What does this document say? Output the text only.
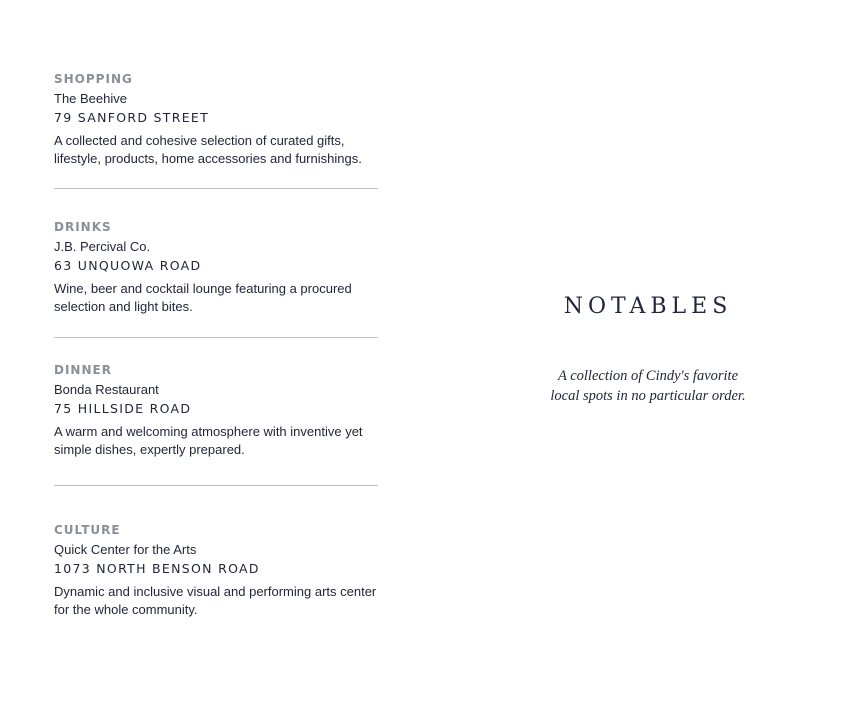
SHOPPING
The Beehive
79 SANFORD STREET
A collected and cohesive selection of curated gifts, lifestyle, products, home accessories and furnishings.
DRINKS
J.B. Percival Co.
63 UNQUOWA ROAD
Wine, beer and cocktail lounge featuring a procured selection and light bites.
DINNER
Bonda Restaurant
75 HILLSIDE ROAD
A warm and welcoming atmosphere with inventive yet simple dishes, expertly prepared.
CULTURE
Quick Center for the Arts
1073 NORTH BENSON ROAD
Dynamic and inclusive visual and performing arts center for the whole community.
NOTABLES
A collection of Cindy's favorite local spots in no particular order.
